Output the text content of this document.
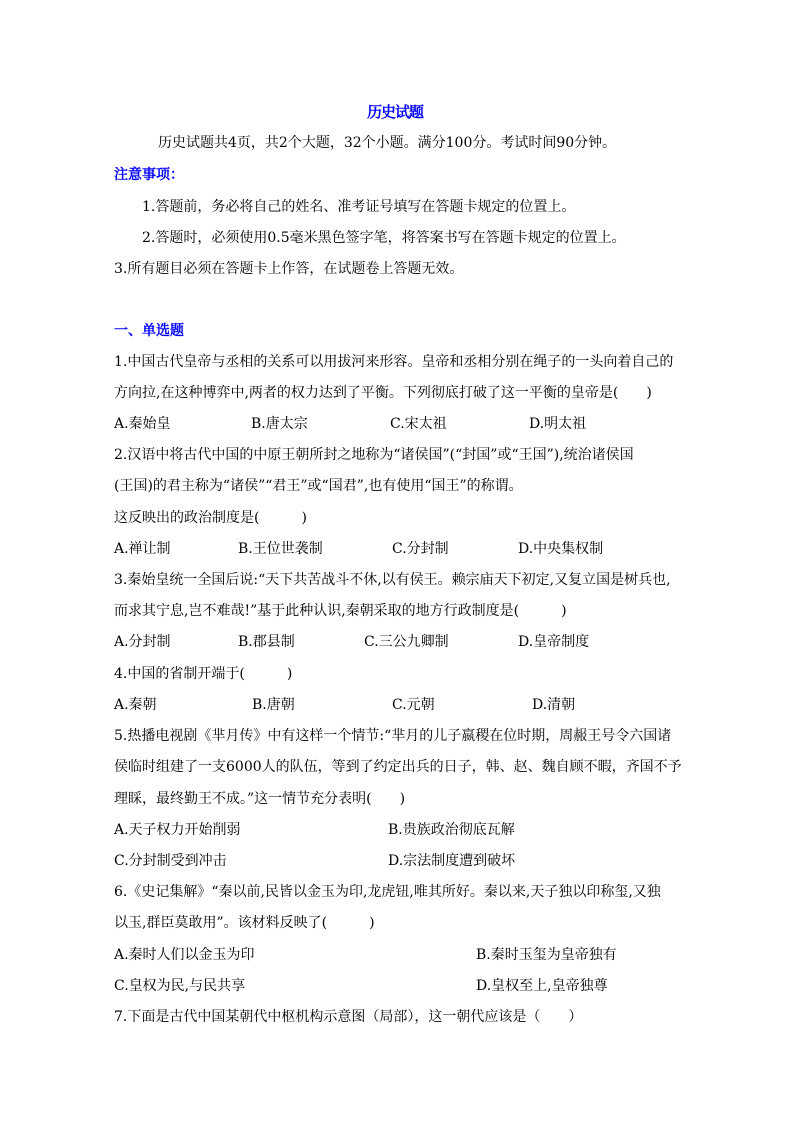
历史试题
历史试题共4页，共2个大题，32个小题。满分100分。考试时间90分钟。
注意事项：
1.答题前，务必将自己的姓名、准考证号填写在答题卡规定的位置上。
2.答题时，必须使用0.5毫米黑色签字笔，将答案书写在答题卡规定的位置上。
3.所有题目必须在答题卡上作答，在试题卷上答题无效。
一、单选题
1.中国古代皇帝与丞相的关系可以用拔河来形容。皇帝和丞相分别在绳子的一头向着自己的
方向拉,在这种博弈中,两者的权力达到了平衡。下列彻底打破了这一平衡的皇帝是(　　)
A.秦始皇	B.唐太宗	C.宋太祖	D.明太祖
2.汉语中将古代中国的中原王朝所封之地称为“诸侯国”(“封国”或“王国”),统治诸侯国
(王国)的君主称为“诸侯”“君王”或“国君”,也有使用“国王”的称谓。
这反映出的政治制度是(　　　)
A.禅让制	B.王位世袭制	C.分封制	D.中央集权制
3.秦始皇统一全国后说:“天下共苦战斗不休,以有侯王。赖宗庙天下初定,又复立国是树兵也,
而求其宁息,岂不难哉!”基于此种认识,秦朝采取的地方行政制度是(　　　)
A.分封制	B.郡县制	C.三公九卿制	D.皇帝制度
4.中国的省制开端于(　　　)
A.秦朝	B.唐朝	C.元朝	D.清朝
5.热播电视剧《芈月传》中有这样一个情节:“芈月的儿子嬴稷在位时期，周赧王号令六国诸
侯临时组建了一支6000人的队伍，等到了约定出兵的日子，韩、赵、魏自顾不暇，齐国不予
理睬，最终勤王不成。”这一情节充分表明(　　)
A.天子权力开始削弱	B.贵族政治彻底瓦解
C.分封制受到冲击	D.宗法制度遭到破坏
6.《史记集解》“秦以前,民皆以金玉为印,龙虎钮,唯其所好。秦以来,天子独以印称玺,又独
以玉,群臣莫敢用”。该材料反映了(　　　)
A.秦时人们以金玉为印	B.秦时玉玺为皇帝独有
C.皇权为民,与民共享	D.皇权至上,皇帝独尊
7.下面是古代中国某朝代中枢机构示意图（局部），这一朝代应该是（　　）
